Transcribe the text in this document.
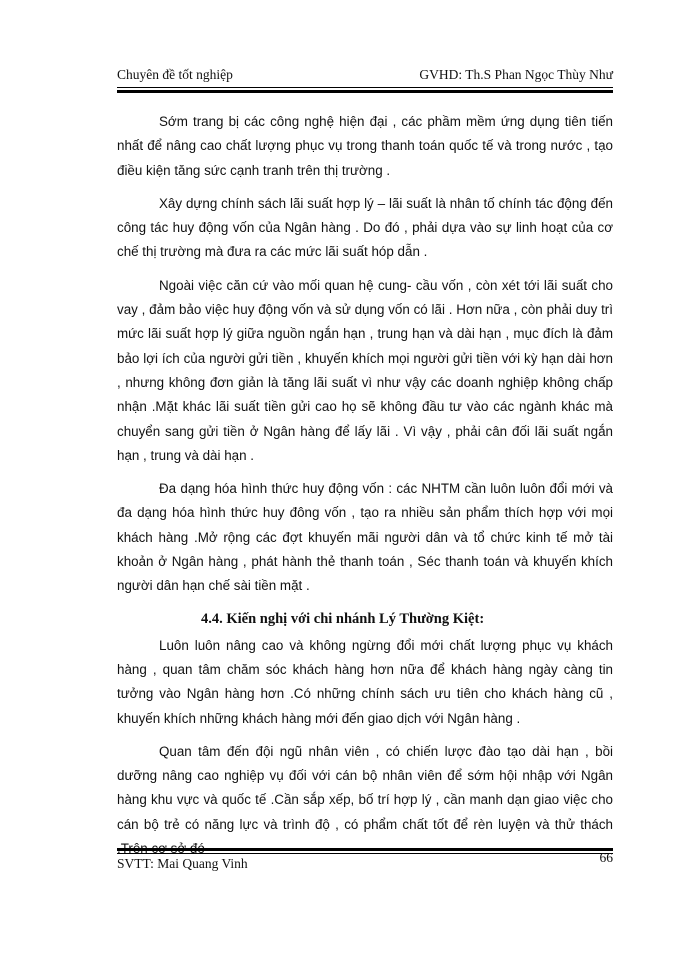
Chuyên đề tốt nghiệp	GVHD: Th.S Phan Ngọc Thùy Như

Sớm trang bị các công nghệ hiện đại , các phầm mềm ứng dụng tiên tiến nhất để nâng cao chất lượng phục vụ trong thanh toán quốc tế và trong nước , tạo điều kiện tăng sức cạnh tranh trên thị trường .

Xây dựng chính sách lãi suất hợp lý – lãi suất là nhân tố chính tác động đến công tác huy động vốn của Ngân hàng . Do đó , phải dựa vào sự linh hoạt của cơ chế thị trường mà đưa ra các mức lãi suất hóp dẫn .

Ngoài việc căn cứ vào mối quan hệ cung- cầu vốn , còn xét tới lãi suất cho vay , đảm bảo việc huy động vốn và sử dụng vốn có lãi . Hơn nữa , còn phải duy trì mức lãi suất hợp lý giữa nguồn ngắn hạn , trung hạn và dài hạn , mục đích là đảm bảo lợi ích của người gửi tiền , khuyến khích mọi người gửi tiền với kỳ hạn dài hơn , nhưng không đơn giản là tăng lãi suất vì như vậy các doanh nghiệp không chấp nhận .Mặt khác lãi suất tiền gửi cao họ sẽ không đầu tư vào các ngành khác mà chuyển sang gửi tiền ở Ngân hàng để lấy lãi . Vì vậy , phải cân đối lãi suất ngắn hạn , trung và dài hạn .

Đa dạng hóa hình thức huy động vốn : các NHTM cần luôn luôn đổi mới và đa dạng hóa hình thức huy đông vốn , tạo ra nhiều sản phẩm thích hợp với mọi khách hàng .Mở rộng các đợt khuyến mãi người dân và tổ chức kinh tế mở tài khoản ở Ngân hàng , phát hành thẻ thanh toán , Séc thanh toán và khuyến khích người dân hạn chế sài tiền mặt .

4.4. Kiến nghị với chi nhánh Lý Thường Kiệt:

Luôn luôn nâng cao và không ngừng đổi mới chất lượng phục vụ khách hàng , quan tâm chăm sóc khách hàng hơn nữa để khách hàng ngày càng tin tưởng vào Ngân hàng hơn .Có những chính sách ưu tiên cho khách hàng cũ , khuyến khích những khách hàng mới đến giao dịch với Ngân hàng .

Quan tâm đến đội ngũ nhân viên , có chiến lược đào tạo dài hạn , bồi dưỡng nâng cao nghiệp vụ đối với cán bộ nhân viên để sớm hội nhập với Ngân hàng khu vực và quốc tế .Cần sắp xếp, bố trí hợp lý , cần manh dạn giao việc cho cán bộ trẻ có năng lực và trình độ , có phẩm chất tốt để rèn luyện và thử thách

SVTT: Mai Quang Vinh	66
